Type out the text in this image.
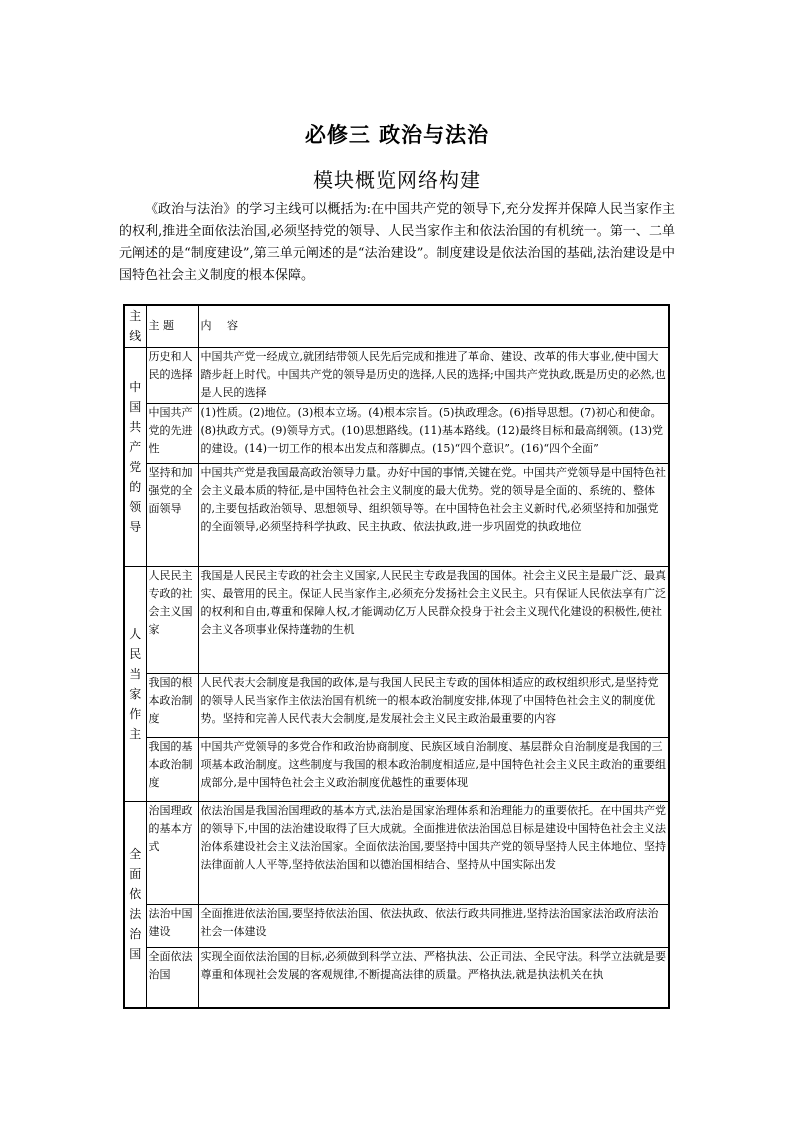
必修三 政治与法治
模块概览网络构建

《政治与法治》的学习主线可以概括为:在中国共产党的领导下,充分发挥并保障人民当家作主的权利,推进全面依法治国,必须坚持党的领导、人民当家作主和依法治国的有机统一。第一、二单元阐述的是“制度建设”,第三单元阐述的是“法治建设”。制度建设是依法治国的基础,法治建设是中国特色社会主义制度的根本保障。

主线	主 题	内 容
中国共产党的领导	历史和人民的选择	中国共产党一经成立,就团结带领人民先后完成和推进了革命、建设、改革的伟大事业,使中国大踏步赶上时代。中国共产党的领导是历史的选择,人民的选择;中国共产党执政,既是历史的必然,也是人民的选择
	中国共产党的先进性	(1)性质。(2)地位。(3)根本立场。(4)根本宗旨。(5)执政理念。(6)指导思想。(7)初心和使命。(8)执政方式。(9)领导方式。(10)思想路线。(11)基本路线。(12)最终目标和最高纲领。(13)党的建设。(14)一切工作的根本出发点和落脚点。(15)“四个意识”。(16)“四个全面”
	坚持和加强党的全面领导	中国共产党是我国最高政治领导力量。办好中国的事情,关键在党。中国共产党领导是中国特色社会主义最本质的特征,是中国特色社会主义制度的最大优势。党的领导是全面的、系统的、整体的,主要包括政治领导、思想领导、组织领导等。在中国特色社会主义新时代,必须坚持和加强党的全面领导,必须坚持科学执政、民主执政、依法执政,进一步巩固党的执政地位
人民当家作主	人民民主专政的社会主义国家	我国是人民民主专政的社会主义国家,人民民主专政是我国的国体。社会主义民主是最广泛、最真实、最管用的民主。保证人民当家作主,必须充分发扬社会主义民主。只有保证人民依法享有广泛的权利和自由,尊重和保障人权,才能调动亿万人民群众投身于社会主义现代化建设的积极性,使社会主义各项事业保持蓬勃的生机
	我国的根本政治制度	人民代表大会制度是我国的政体,是与我国人民民主专政的国体相适应的政权组织形式,是坚持党的领导人民当家作主依法治国有机统一的根本政治制度安排,体现了中国特色社会主义的制度优势。坚持和完善人民代表大会制度,是发展社会主义民主政治最重要的内容
	我国的基本政治制度	中国共产党领导的多党合作和政治协商制度、民族区域自治制度、基层群众自治制度是我国的三项基本政治制度。这些制度与我国的根本政治制度相适应,是中国特色社会主义民主政治的重要组成部分,是中国特色社会主义政治制度优越性的重要体现
全面依法治国	治国理政的基本方式	依法治国是我国治国理政的基本方式,法治是国家治理体系和治理能力的重要依托。在中国共产党的领导下,中国的法治建设取得了巨大成就。全面推进依法治国总目标是建设中国特色社会主义法治体系建设社会主义法治国家。全面依法治国,要坚持中国共产党的领导坚持人民主体地位、坚持法律面前人人平等,坚持依法治国和以德治国相结合、坚持从中国实际出发
	法治中国建设	全面推进依法治国,要坚持依法治国、依法执政、依法行政共同推进,坚持法治国家法治政府法治社会一体建设
	全面依法治国	实现全面依法治国的目标,必须做到科学立法、严格执法、公正司法、全民守法。科学立法就是要尊重和体现社会发展的客观规律,不断提高法律的质量。严格执法,就是执法机关在执
